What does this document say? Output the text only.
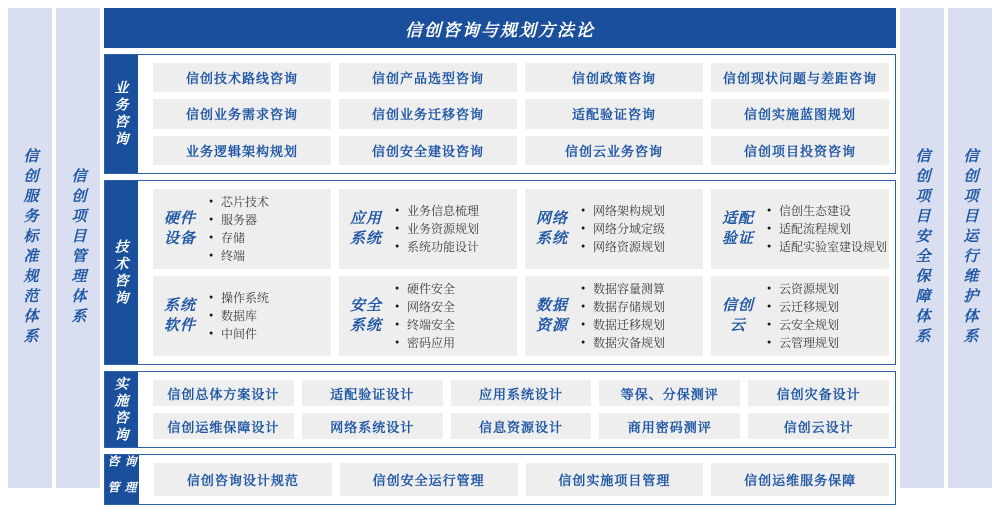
信创服务标准规范体系	信创项目管理体系
信创咨询与规划方法论
业务咨询
信创技术路线咨询	信创产品选型咨询	信创政策咨询	信创现状问题与差距咨询
信创业务需求咨询	信创业务迁移咨询	适配验证咨询	信创实施蓝图规划
业务逻辑架构规划	信创安全建设咨询	信创云业务咨询	信创项目投资咨询
技术咨询
硬件设备
● 芯片技术
● 服务器
● 存储
● 终端
应用系统
● 业务信息梳理
● 业务资源规划
● 系统功能设计
网络系统
● 网络架构规划
● 网络分域定级
● 网络资源规划
适配验证
● 信创生态建设
● 适配流程规划
● 适配实验室建设规划
系统软件
● 操作系统
● 数据库
● 中间件
安全系统
● 硬件安全
● 网络安全
● 终端安全
● 密码应用
数据资源
● 数据容量测算
● 数据存储规划
● 数据迁移规划
● 数据灾备规划
信创云
● 云资源规划
● 云迁移规划
● 云安全规划
● 云管理规划
实施咨询	信创总体方案设计	适配验证设计	应用系统设计	等保、分保测评	信创灾备设计
信创运维保障设计	网络系统设计	信息资源设计	商用密码测评	信创云设计
咨询
管理	信创咨询设计规范	信创安全运行管理	信创实施项目管理	信创运维服务保障
信创项目安全保障体系	信创项目运行维护体系
